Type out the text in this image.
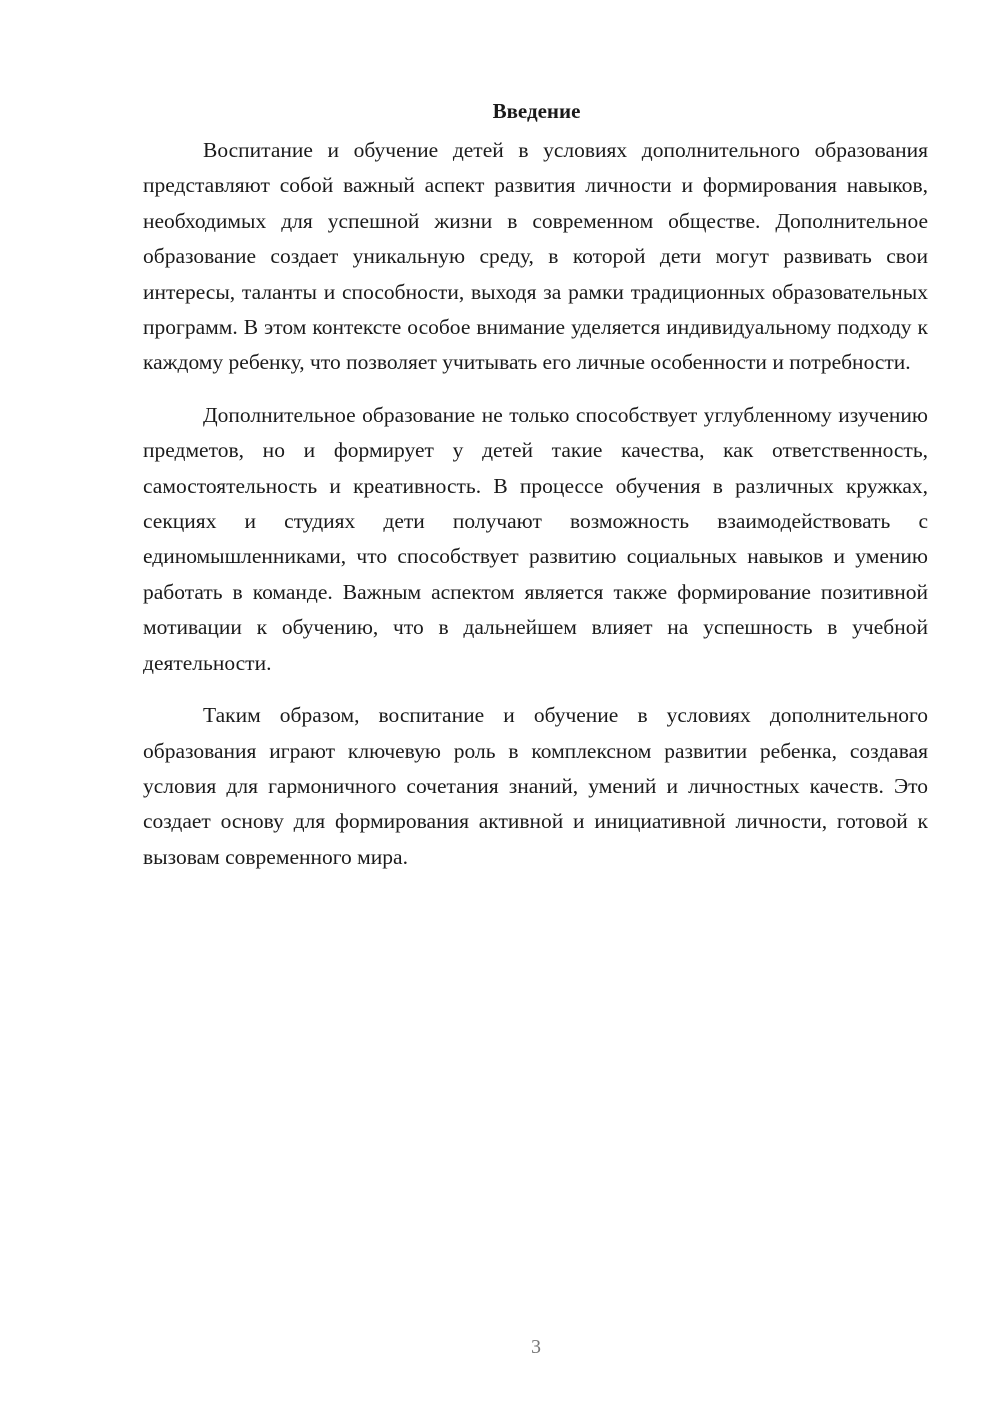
Введение

Воспитание и обучение детей в условиях дополнительного образования представляют собой важный аспект развития личности и формирования навыков, необходимых для успешной жизни в современном обществе. Дополнительное образование создает уникальную среду, в которой дети могут развивать свои интересы, таланты и способности, выходя за рамки традиционных образовательных программ. В этом контексте особое внимание уделяется индивидуальному подходу к каждому ребенку, что позволяет учитывать его личные особенности и потребности.

Дополнительное образование не только способствует углубленному изучению предметов, но и формирует у детей такие качества, как ответственность, самостоятельность и креативность. В процессе обучения в различных кружках, секциях и студиях дети получают возможность взаимодействовать с единомышленниками, что способствует развитию социальных навыков и умению работать в команде. Важным аспектом является также формирование позитивной мотивации к обучению, что в дальнейшем влияет на успешность в учебной деятельности.

Таким образом, воспитание и обучение в условиях дополнительного образования играют ключевую роль в комплексном развитии ребенка, создавая условия для гармоничного сочетания знаний, умений и личностных качеств. Это создает основу для формирования активной и инициативной личности, готовой к вызовам современного мира.

3
